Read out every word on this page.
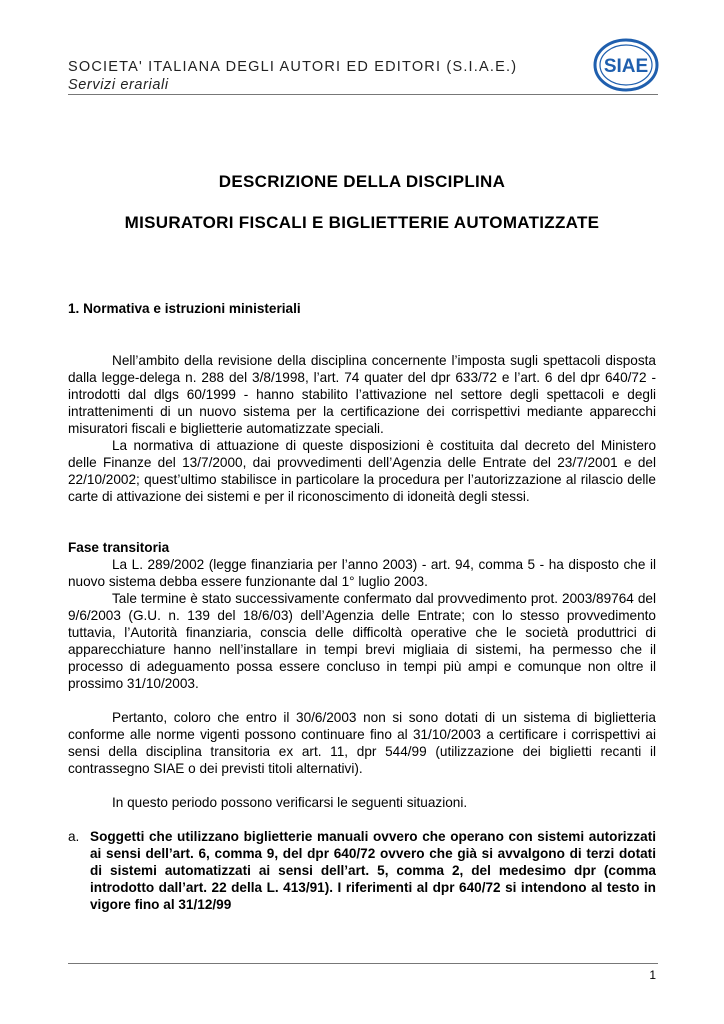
SOCIETA' ITALIANA DEGLI AUTORI ED EDITORI (S.I.A.E.)
Servizi erariali
SIAE
DESCRIZIONE DELLA DISCIPLINA
MISURATORI FISCALI E BIGLIETTERIE AUTOMATIZZATE
1. Normativa e istruzioni ministeriali

Nell’ambito della revisione della disciplina concernente l’imposta sugli spettacoli disposta dalla legge-delega n. 288 del 3/8/1998, l’art. 74 quater del dpr 633/72 e l’art. 6 del dpr 640/72 - introdotti dal dlgs 60/1999 - hanno stabilito l’attivazione nel settore degli spettacoli e degli intrattenimenti di un nuovo sistema per la certificazione dei corrispettivi mediante apparecchi misuratori fiscali e biglietterie automatizzate speciali.

La normativa di attuazione di queste disposizioni è costituita dal decreto del Ministero delle Finanze del 13/7/2000, dai provvedimenti dell’Agenzia delle Entrate del 23/7/2001 e del 22/10/2002; quest’ultimo stabilisce in particolare la procedura per l’autorizzazione al rilascio delle carte di attivazione dei sistemi e per il riconoscimento di idoneità degli stessi.

Fase transitoria

La L. 289/2002 (legge finanziaria per l’anno 2003) - art. 94, comma 5 - ha disposto che il nuovo sistema debba essere funzionante dal 1° luglio 2003.

Tale termine è stato successivamente confermato dal provvedimento prot. 2003/89764 del 9/6/2003 (G.U. n. 139 del 18/6/03) dell’Agenzia delle Entrate; con lo stesso provvedimento tuttavia, l’Autorità finanziaria, conscia delle difficoltà operative che le società produttrici di apparecchiature hanno nell’installare in tempi brevi migliaia di sistemi, ha permesso che il processo di adeguamento possa essere concluso in tempi più ampi e comunque non oltre il prossimo 31/10/2003.

Pertanto, coloro che entro il 30/6/2003 non si sono dotati di un sistema di biglietteria conforme alle norme vigenti possono continuare fino al 31/10/2003 a certificare i corrispettivi ai sensi della disciplina transitoria ex art. 11, dpr 544/99 (utilizzazione dei biglietti recanti il contrassegno SIAE o dei previsti titoli alternativi).

In questo periodo possono verificarsi le seguenti situazioni.

a. Soggetti che utilizzano biglietterie manuali ovvero che operano con sistemi autorizzati ai sensi dell’art. 6, comma 9, del dpr 640/72 ovvero che già si avvalgono di terzi dotati di sistemi automatizzati ai sensi dell’art. 5, comma 2, del medesimo dpr (comma introdotto dall’art. 22 della L. 413/91). I riferimenti al dpr 640/72 si intendono al testo in vigore fino al 31/12/99
1
